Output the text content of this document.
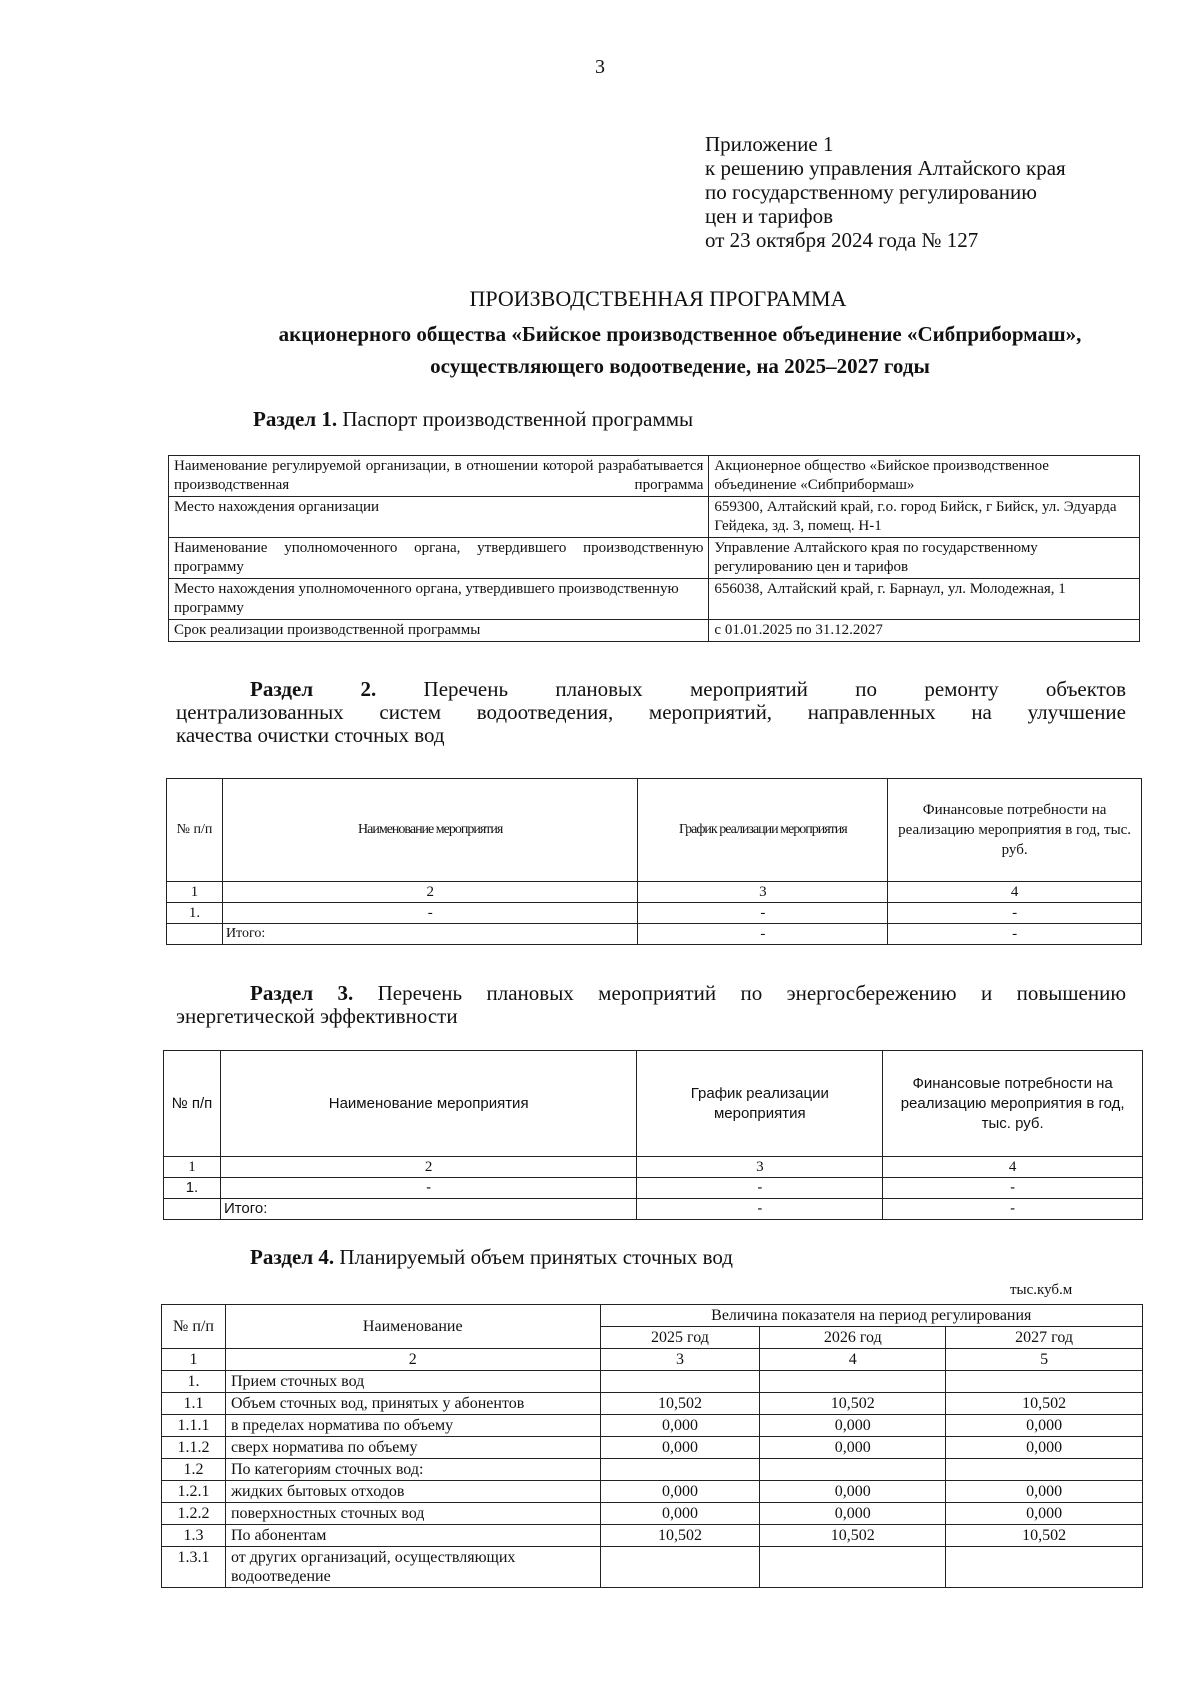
3
Приложение 1
к решению управления Алтайского края
по государственному регулированию
цен и тарифов
от 23 октября 2024 года № 127
ПРОИЗВОДСТВЕННАЯ ПРОГРАММА
акционерного общества «Бийское производственное объединение «Сибприбормаш»,
осуществляющего водоотведение, на 2025–2027 годы
Раздел 1. Паспорт производственной программы
Наименование регулируемой организации, в отношении которой разрабатывается производственная программа	Акционерное общество «Бийское производственное объединение «Сибприбормаш»
Место нахождения организации	659300, Алтайский край, г.о. город Бийск, г Бийск, ул. Эдуарда Гейдека, зд. 3, помещ. Н-1
Наименование уполномоченного органа, утвердившего производственную программу	Управление Алтайского края по государственному регулированию цен и тарифов
Место нахождения уполномоченного органа, утвердившего производственную программу	656038, Алтайский край, г. Барнаул, ул. Молодежная, 1
Срок реализации производственной программы	с 01.01.2025 по 31.12.2027
Раздел 2. Перечень плановых мероприятий по ремонту объектов
централизованных систем водоотведения, мероприятий, направленных на улучшение
качества очистки сточных вод
№ п/п	Наименование мероприятия	График реализации мероприятия	Финансовые потребности на реализацию мероприятия в год, тыс. руб.
1	2	3	4
1.	-	-	-
	Итого:	-	-
Раздел 3. Перечень плановых мероприятий по энергосбережению и повышению
энергетической эффективности
№ п/п	Наименование мероприятия	График реализации мероприятия	Финансовые потребности на реализацию мероприятия в год, тыс. руб.
1	2	3	4
1.	-	-	-
	Итого:	-	-
Раздел 4. Планируемый объем принятых сточных вод
тыс.куб.м
№ п/п	Наименование	Величина показателя на период регулирования		
		2025 год	2026 год	2027 год
1	2	3	4	5
1.	Прием сточных вод			
1.1	Объем сточных вод, принятых у абонентов	10,502	10,502	10,502
1.1.1	в пределах норматива по объему	0,000	0,000	0,000
1.1.2	сверх норматива по объему	0,000	0,000	0,000
1.2	По категориям сточных вод:			
1.2.1	жидких бытовых отходов	0,000	0,000	0,000
1.2.2	поверхностных сточных вод	0,000	0,000	0,000
1.3	По абонентам	10,502	10,502	10,502
1.3.1	от других организаций, осуществляющих водоотведение			
